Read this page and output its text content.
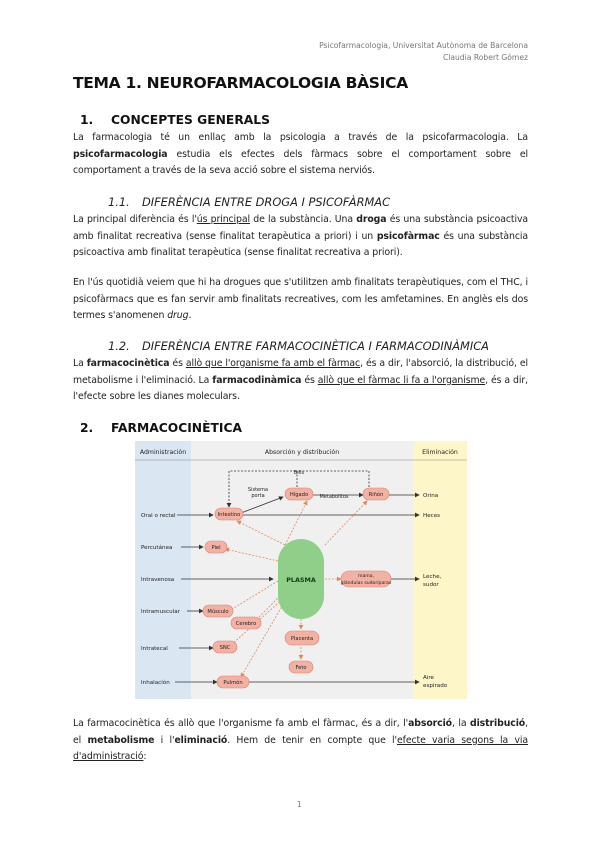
Psicofarmacologia, Universitat Autònoma de Barcelona
Claudia Robert Gómez
TEMA 1. NEUROFARMACOLOGIA BÀSICA
1. CONCEPTES GENERALS
La farmacologia té un enllaç amb la psicologia a través de la psicofarmacologia. La psicofarmacologia estudia els efectes dels fàrmacs sobre el comportament sobre el comportament a través de la seva acció sobre el sistema nerviós.
1.1. DIFERÈNCIA ENTRE DROGA I PSICOFÀRMAC
La principal diferència és l'ús principal de la substància. Una droga és una substància psicoactiva amb finalitat recreativa (sense finalitat terapèutica a priori) i un psicofàrmac és una substància psicoactiva amb finalitat terapèutica (sense finalitat recreativa a priori).
En l'ús quotidià veiem que hi ha drogues que s'utilitzen amb finalitats terapèutiques, com el THC, i psicofàrmacs que es fan servir amb finalitats recreatives, com les amfetamines. En anglès els dos termes s'anomenen drug.
1.2. DIFERÈNCIA ENTRE FARMACOCINÈTICA I FARMACODINÀMICA
La farmacocinètica és allò que l'organisme fa amb el fàrmac, és a dir, l'absorció, la distribució, el metabolisme i l'eliminació. La farmacodinàmica és allò que el fàrmac li fa a l'organisme, és a dir, l'efecte sobre les dianes moleculars.
2. FARMACOCINÈTICA
Administración	Absorción y distribución	Eliminación
Oral o rectal
Percutánea
Intravenosa
Intramuscular
Intratecal
Inhalación
Bilis
Sistema
porta	Metabolitos
PLASMA
Intestino
Piel
Músculo
Cerebro
SNC
Pulmón
Hígado	Riñón
Placenta
Feto
mama,
glándulas sudoríparas
Orina
Heces
Leche,
sudor
Aire
espirado
La farmacocinètica és allò que l'organisme fa amb el fàrmac, és a dir, l'absorció, la distribució, el metabolisme i l'eliminació. Hem de tenir en compte que l'efecte varia segons la via d'administració:
1
